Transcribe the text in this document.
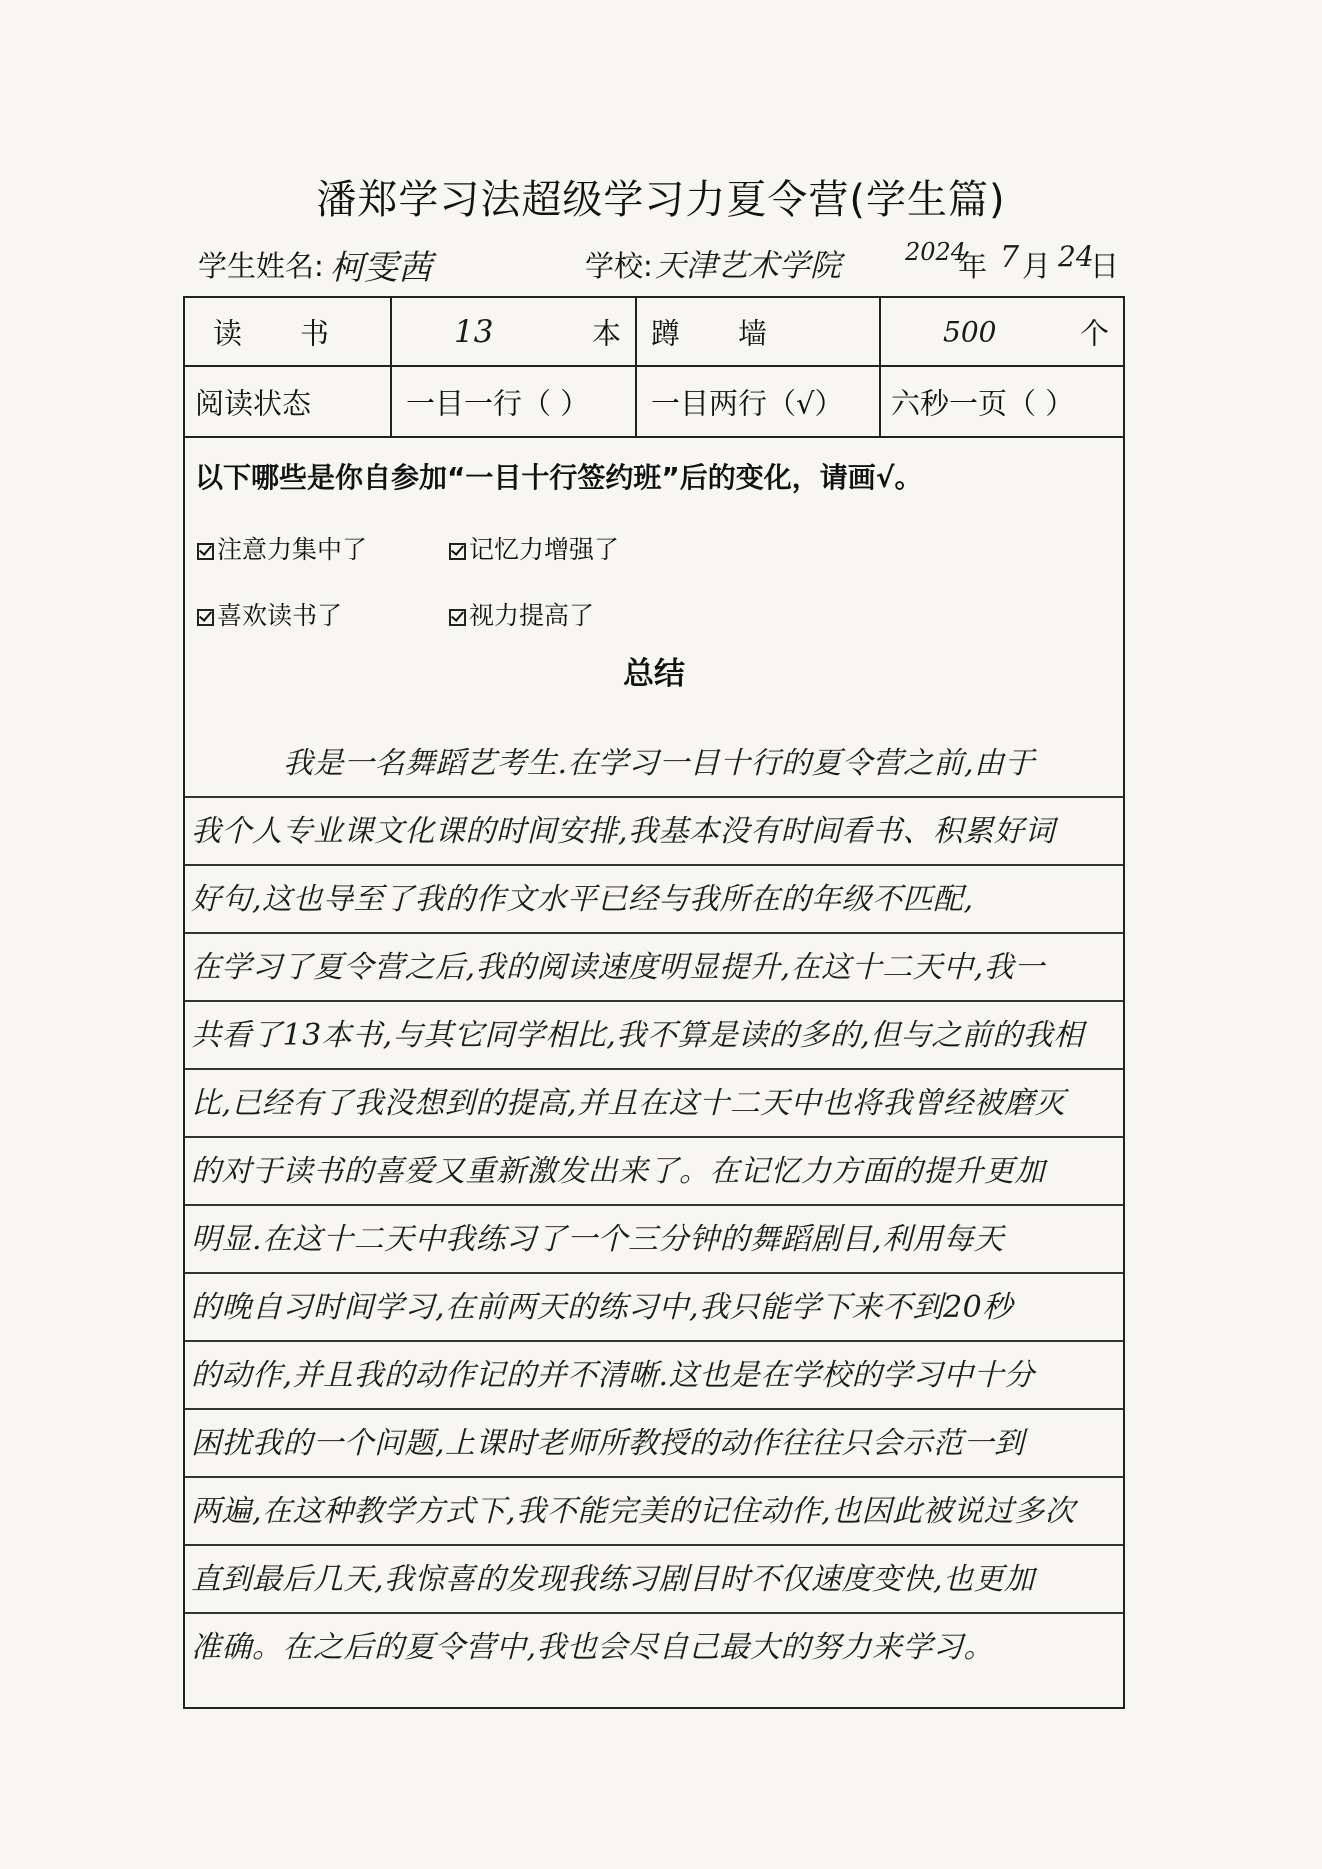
潘郑学习法超级学习力夏令营(学生篇)
学生姓名: 柯雯茜	学校: 天津艺术学院	2024
年 7 月 24
日
读　　书	13	本 蹲　　墙	500	个
阅读状态	一目一行（ ） 一目两行（√） 六秒一页（ ）
以下哪些是你自参加“一目十行签约班”后的变化，请画√。
注意力集中了	记忆力增强了
喜欢读书了	视力提高了
总结
我是一名舞蹈艺考生.在学习一目十行的夏令营之前,由于
我个人专业课文化课的时间安排,我基本没有时间看书、积累好词
好句,这也导至了我的作文水平已经与我所在的年级不匹配,
在学习了夏令营之后,我的阅读速度明显提升,在这十二天中,我一
共看了13本书,与其它同学相比,我不算是读的多的,但与之前的我相
比,已经有了我没想到的提高,并且在这十二天中也将我曾经被磨灭
的对于读书的喜爱又重新激发出来了。在记忆力方面的提升更加
明显.在这十二天中我练习了一个三分钟的舞蹈剧目,利用每天
的晚自习时间学习,在前两天的练习中,我只能学下来不到20秒
的动作,并且我的动作记的并不清晰.这也是在学校的学习中十分
困扰我的一个问题,上课时老师所教授的动作往往只会示范一到
两遍,在这种教学方式下,我不能完美的记住动作,也因此被说过多次
直到最后几天,我惊喜的发现我练习剧目时不仅速度变快,也更加
准确。在之后的夏令营中,我也会尽自己最大的努力来学习。
